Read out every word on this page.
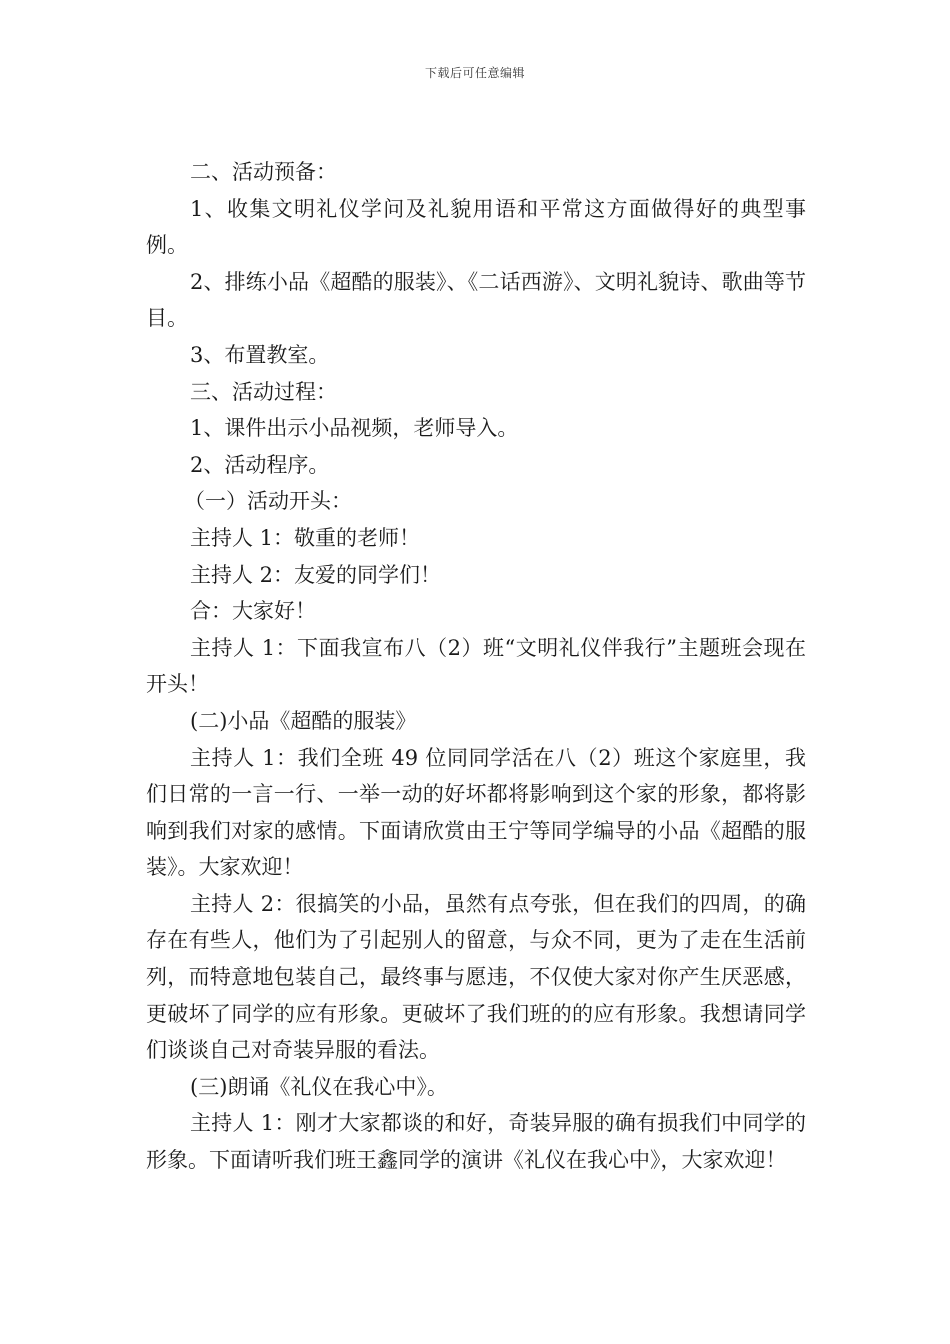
下载后可任意编辑

二、活动预备：

1、收集文明礼仪学问及礼貌用语和平常这方面做得好的典型事例。

2、排练小品《超酷的服装》、《二话西游》、文明礼貌诗、歌曲等节目。

3、布置教室。

三、活动过程：

1、课件出示小品视频，老师导入。

2、活动程序。

（一）活动开头：

主持人 1：敬重的老师！

主持人 2：友爱的同学们！

合：大家好！

主持人 1：下面我宣布八（2）班“文明礼仪伴我行”主题班会现在开头！

(二)小品《超酷的服装》

主持人 1：我们全班 49 位同同学活在八（2）班这个家庭里，我们日常的一言一行、一举一动的好坏都将影响到这个家的形象，都将影响到我们对家的感情。下面请欣赏由王宁等同学编导的小品《超酷的服装》。大家欢迎！

主持人 2：很搞笑的小品，虽然有点夸张，但在我们的四周，的确存在有些人，他们为了引起别人的留意，与众不同，更为了走在生活前列，而特意地包装自己，最终事与愿违，不仅使大家对你产生厌恶感，更破坏了同学的应有形象。更破坏了我们班的的应有形象。我想请同学们谈谈自己对奇装异服的看法。

(三)朗诵《礼仪在我心中》。

主持人 1：刚才大家都谈的和好，奇装异服的确有损我们中同学的形象。下面请听我们班王鑫同学的演讲《礼仪在我心中》，大家欢迎！
